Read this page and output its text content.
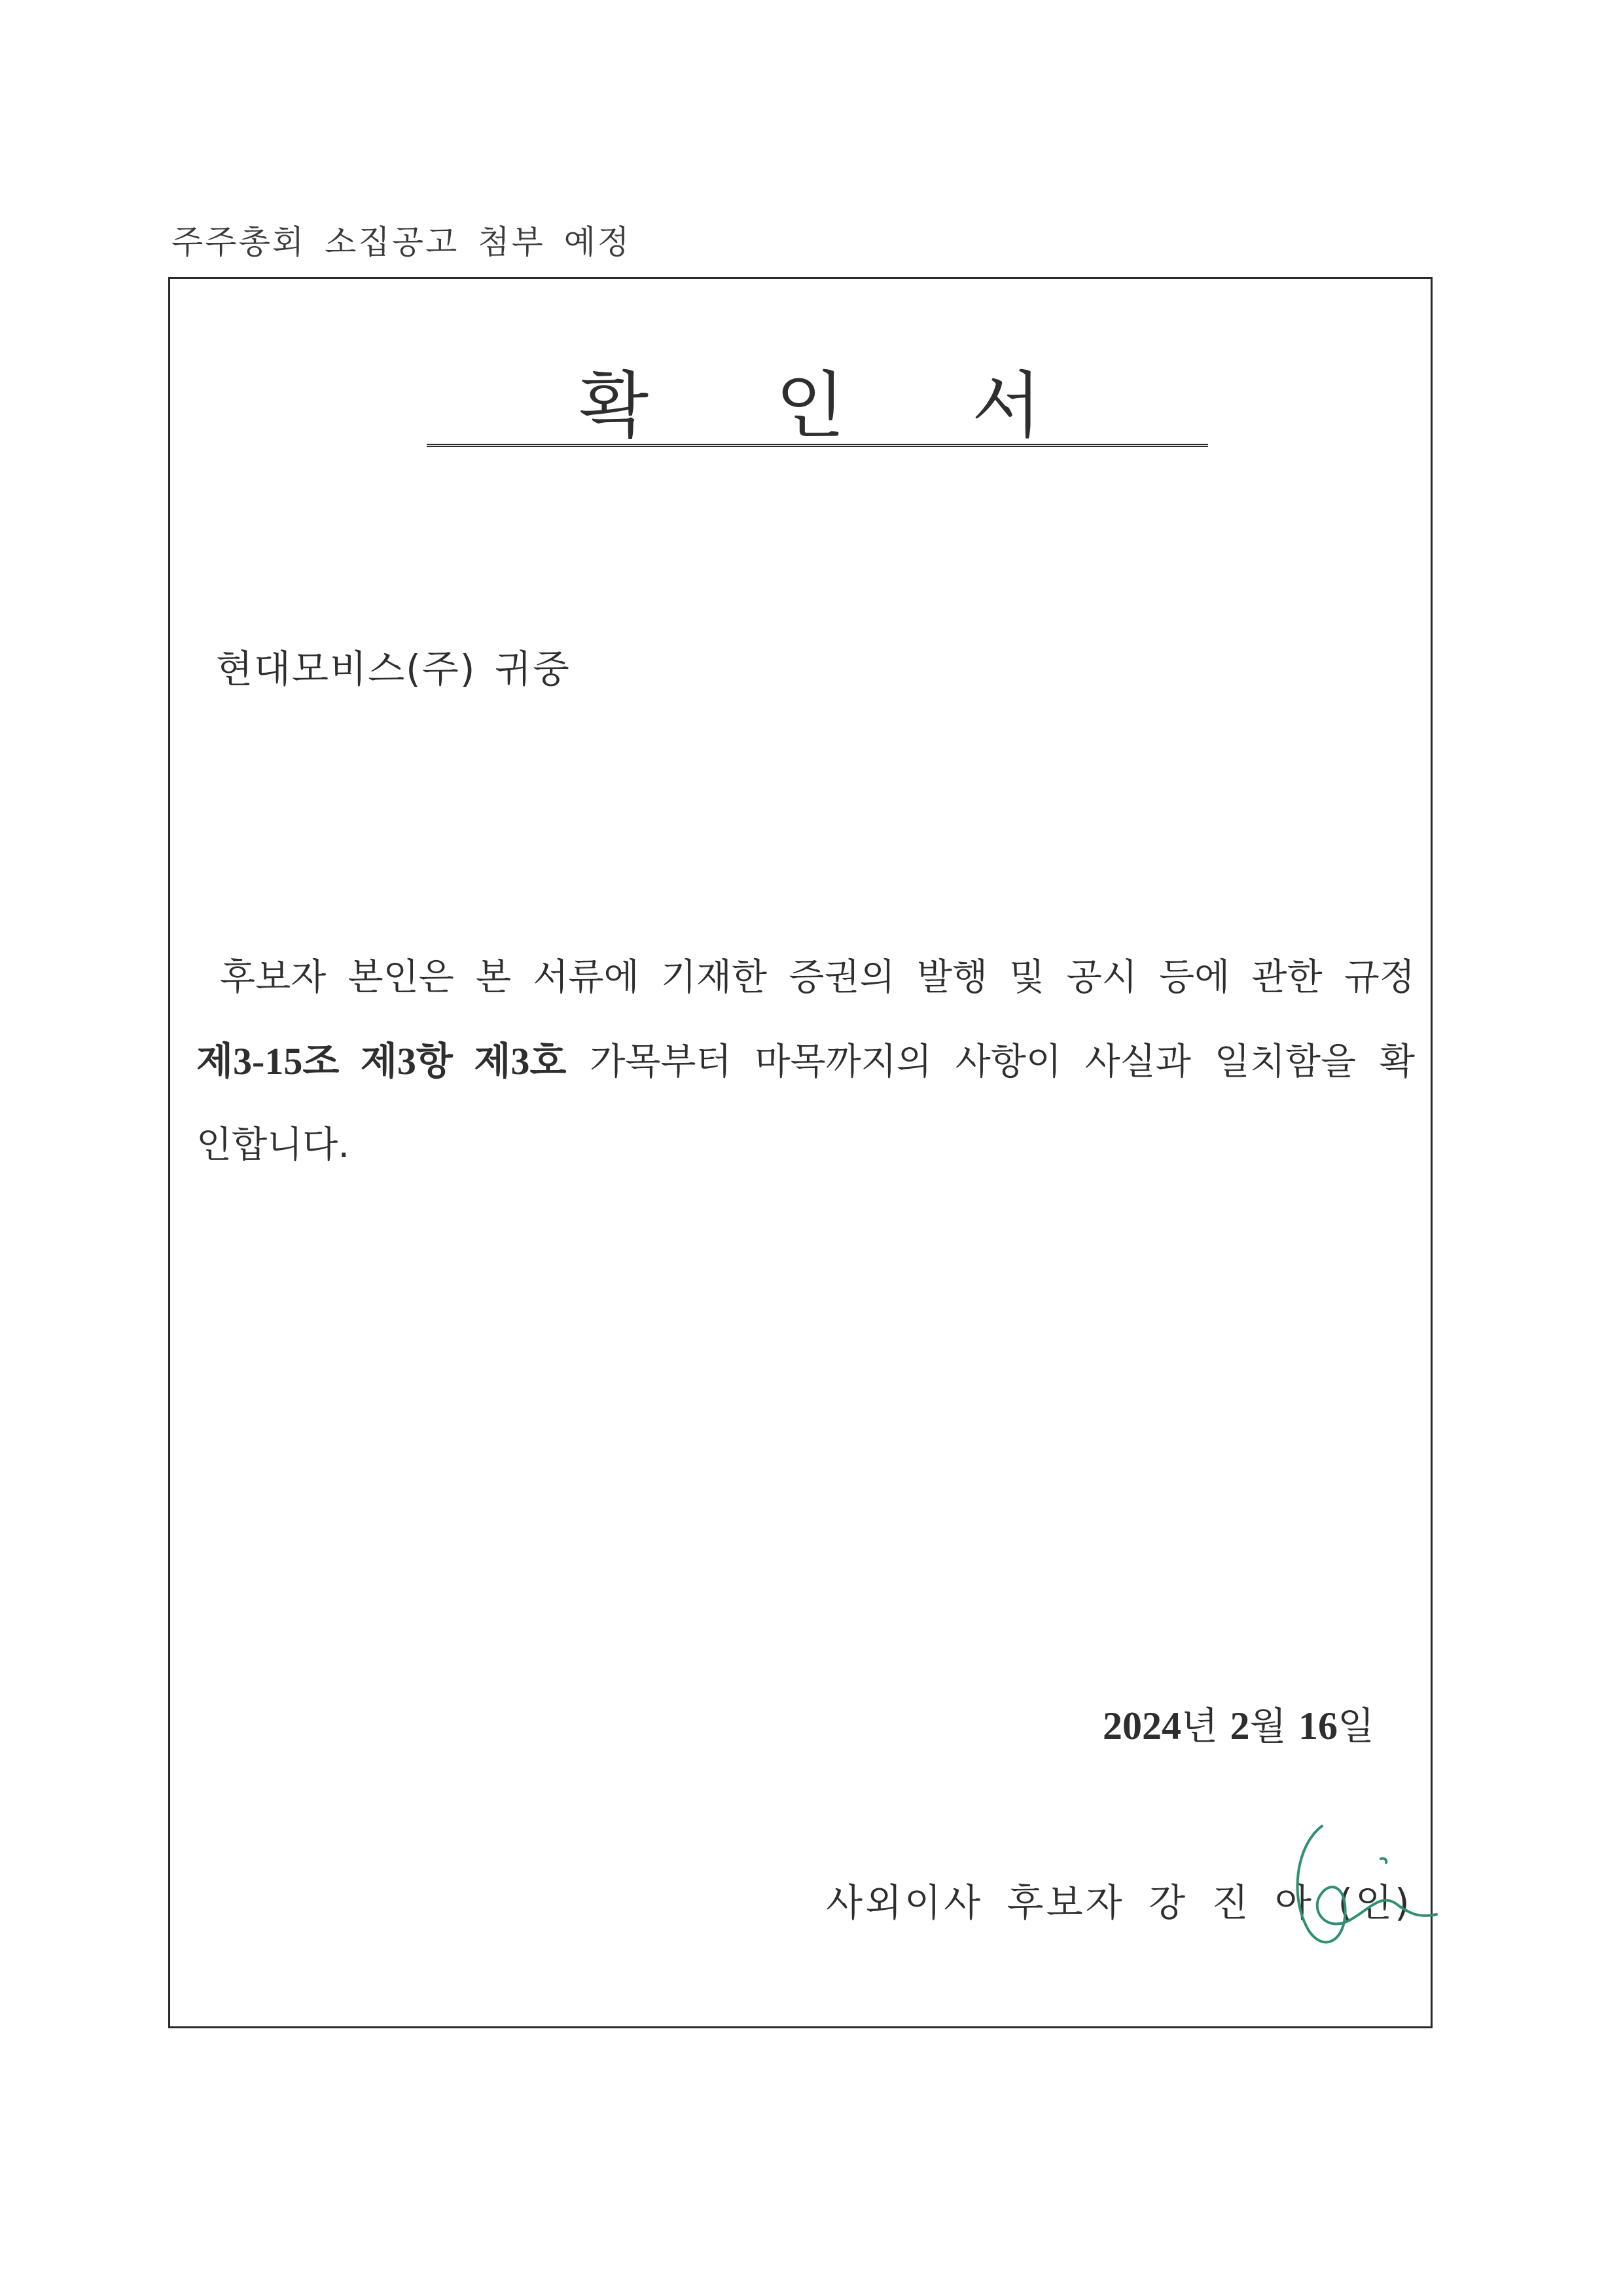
주주총회 소집공고 첨부 예정
확 인 서
현대모비스(주) 귀중
후보자 본인은 본 서류에 기재한 증권의 발행 및 공시 등에 관한 규정
제3-15조 제3항 제3호 가목부터 마목까지의 사항이 사실과 일치함을 확
인합니다.
2024년 2월 16일
사외이사 후보자 강 진 아 (인)
